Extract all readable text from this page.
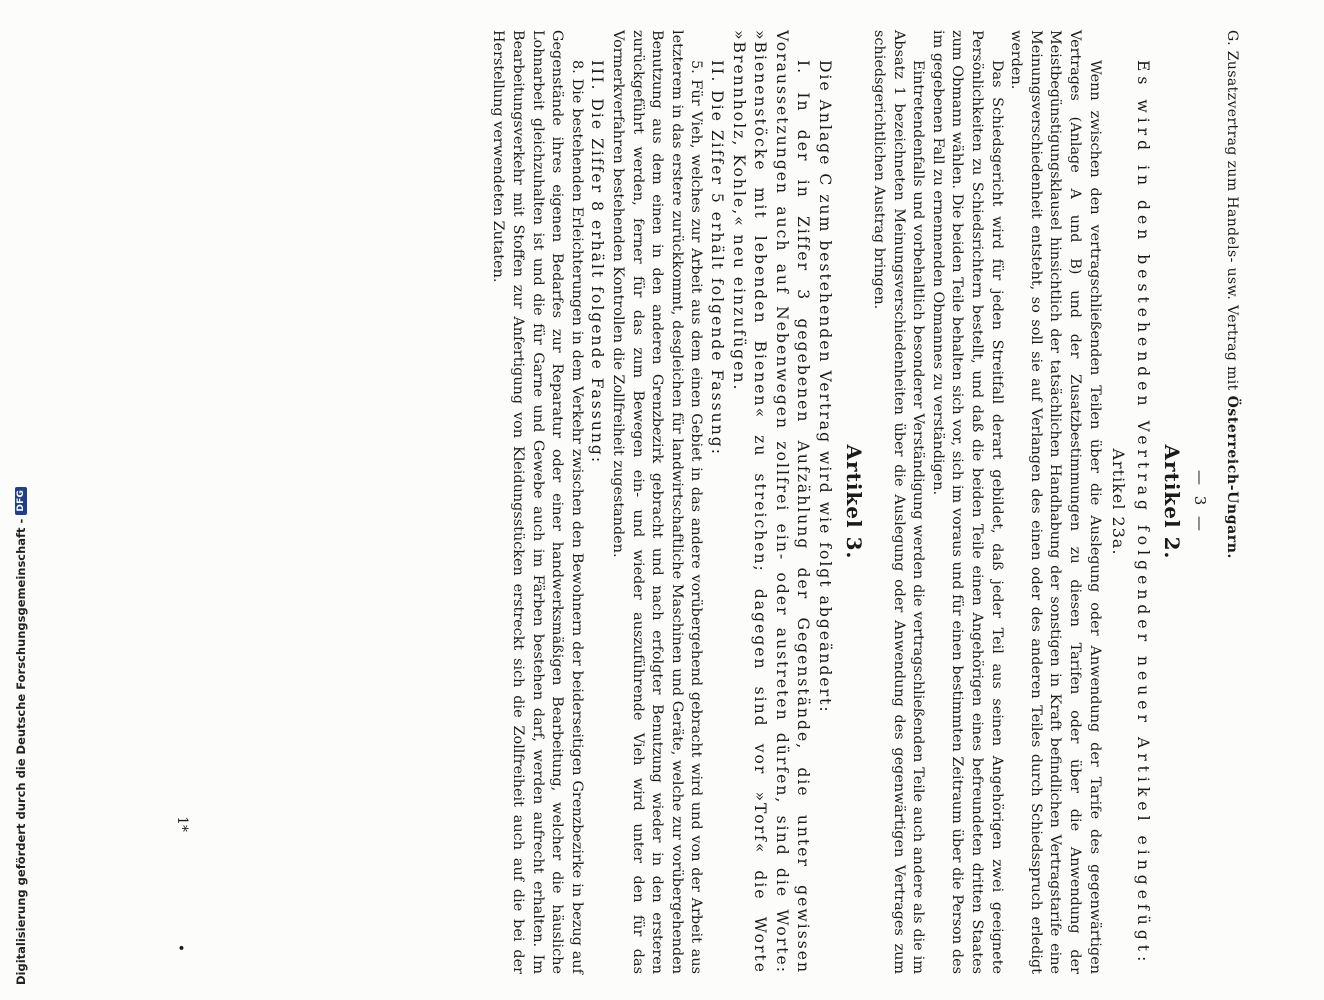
G. Zusatzvertrag zum Handels- usw. Vertrag mit Österreich-Ungarn.
— 3 —
Artikel 2.

Es wird in den bestehenden Vertrag folgender neuer Artikel eingefügt:

Artikel 23a.

Wenn zwischen den vertragschließenden Teilen über die Auslegung oder Anwendung der Tarife des gegenwärtigen Vertrages (Anlage A und B) und der Zusatzbestimmungen zu diesen Tarifen oder über die Anwendung der Meistbegünstigungsklausel hinsichtlich der tatsächlichen Handhabung der sonstigen in Kraft befindlichen Vertragstarife eine Meinungsverschiedenheit entsteht, so soll sie auf Verlangen des einen oder des anderen Teiles durch Schiedsspruch erledigt werden.

Das Schiedsgericht wird für jeden Streitfall derart gebildet, daß jeder Teil aus seinen Angehörigen zwei geeignete Persönlichkeiten zu Schiedsrichtern bestellt, und daß die beiden Teile einen Angehörigen eines befreundeten dritten Staates zum Obmann wählen. Die beiden Teile behalten sich vor, sich im voraus und für einen bestimmten Zeitraum über die Person des im gegebenen Fall zu ernennenden Obmannes zu verständigen.

Eintretendenfalls und vorbehaltlich besonderer Verständigung werden die vertragschließenden Teile auch andere als die im Absatz 1 bezeichneten Meinungsverschiedenheiten über die Auslegung oder Anwendung des gegenwärtigen Vertrages zum schiedsgerichtlichen Austrag bringen.

Artikel 3.

Die Anlage C zum bestehenden Vertrag wird wie folgt abgeändert:

I. In der in Ziffer 3 gegebenen Aufzählung der Gegenstände, die unter gewissen Voraussetzungen auch auf Nebenwegen zollfrei ein- oder austreten dürfen, sind die Worte: »Bienenstöcke mit lebenden Bienen« zu streichen; dagegen sind vor »Torf« die Worte »Brennholz, Kohle,« neu einzufügen.

II. Die Ziffer 5 erhält folgende Fassung:

5. Für Vieh, welches zur Arbeit aus dem einen Gebiet in das andere vorübergehend gebracht wird und von der Arbeit aus letzterem in das erstere zurückkommt, desgleichen für landwirtschaftliche Maschinen und Geräte, welche zur vorübergehenden Benutzung aus dem einen in den anderen Grenzbezirk gebracht und nach erfolgter Benutzung wieder in den ersteren zurückgeführt werden, ferner für das zum Bewegen ein- und wieder auszuführende Vieh wird unter den für das Vormerkverfahren bestehenden Kontrollen die Zollfreiheit zugestanden.

III. Die Ziffer 8 erhält folgende Fassung:

8. Die bestehenden Erleichterungen in dem Verkehr zwischen den Bewohnern der beiderseitigen Grenzbezirke in bezug auf Gegenstände ihres eigenen Bedarfes zur Reparatur oder einer handwerksmäßigen Bearbeitung, welcher die häusliche Lohnarbeit gleichzuhalten ist und die für Garne und Gewebe auch im Färben bestehen darf, werden aufrecht erhalten. Im Bearbeitungsverkehr mit Stoffen zur Anfertigung von Kleidungsstücken erstreckt sich die Zollfreiheit auch auf die bei der Herstellung verwendeten Zutaten.

1*
•
Digitalisierung gefördert durch die Deutsche Forschungsgemeinschaft -
DFG
